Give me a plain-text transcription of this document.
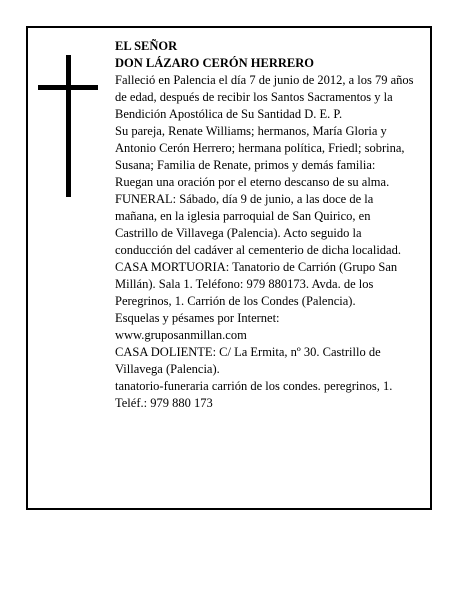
EL SEÑOR

DON LÁZARO CERÓN HERRERO

Falleció en Palencia el día 7 de junio de 2012, a los 79 años de edad, después de recibir los Santos Sacramentos y la Bendición Apostólica de Su Santidad D. E. P.

Su pareja, Renate Williams; hermanos, María Gloria y Antonio Cerón Herrero; hermana política, Friedl; sobrina, Susana; Familia de Renate, primos y demás familia:

Ruegan una oración por el eterno descanso de su alma.

FUNERAL: Sábado, día 9 de junio, a las doce de la mañana, en la iglesia parroquial de San Quirico, en Castrillo de Villavega (Palencia). Acto seguido la conducción del cadáver al cementerio de dicha localidad.

CASA MORTUORIA: Tanatorio de Carrión (Grupo San Millán). Sala 1. Teléfono: 979 880173. Avda. de los Peregrinos, 1. Carrión de los Condes (Palencia).

Esquelas y pésames por Internet:

www.gruposanmillan.com

CASA DOLIENTE: C/ La Ermita, nº 30. Castrillo de Villavega (Palencia).

tanatorio-funeraria carrión de los condes. peregrinos, 1. Teléf.: 979 880 173
